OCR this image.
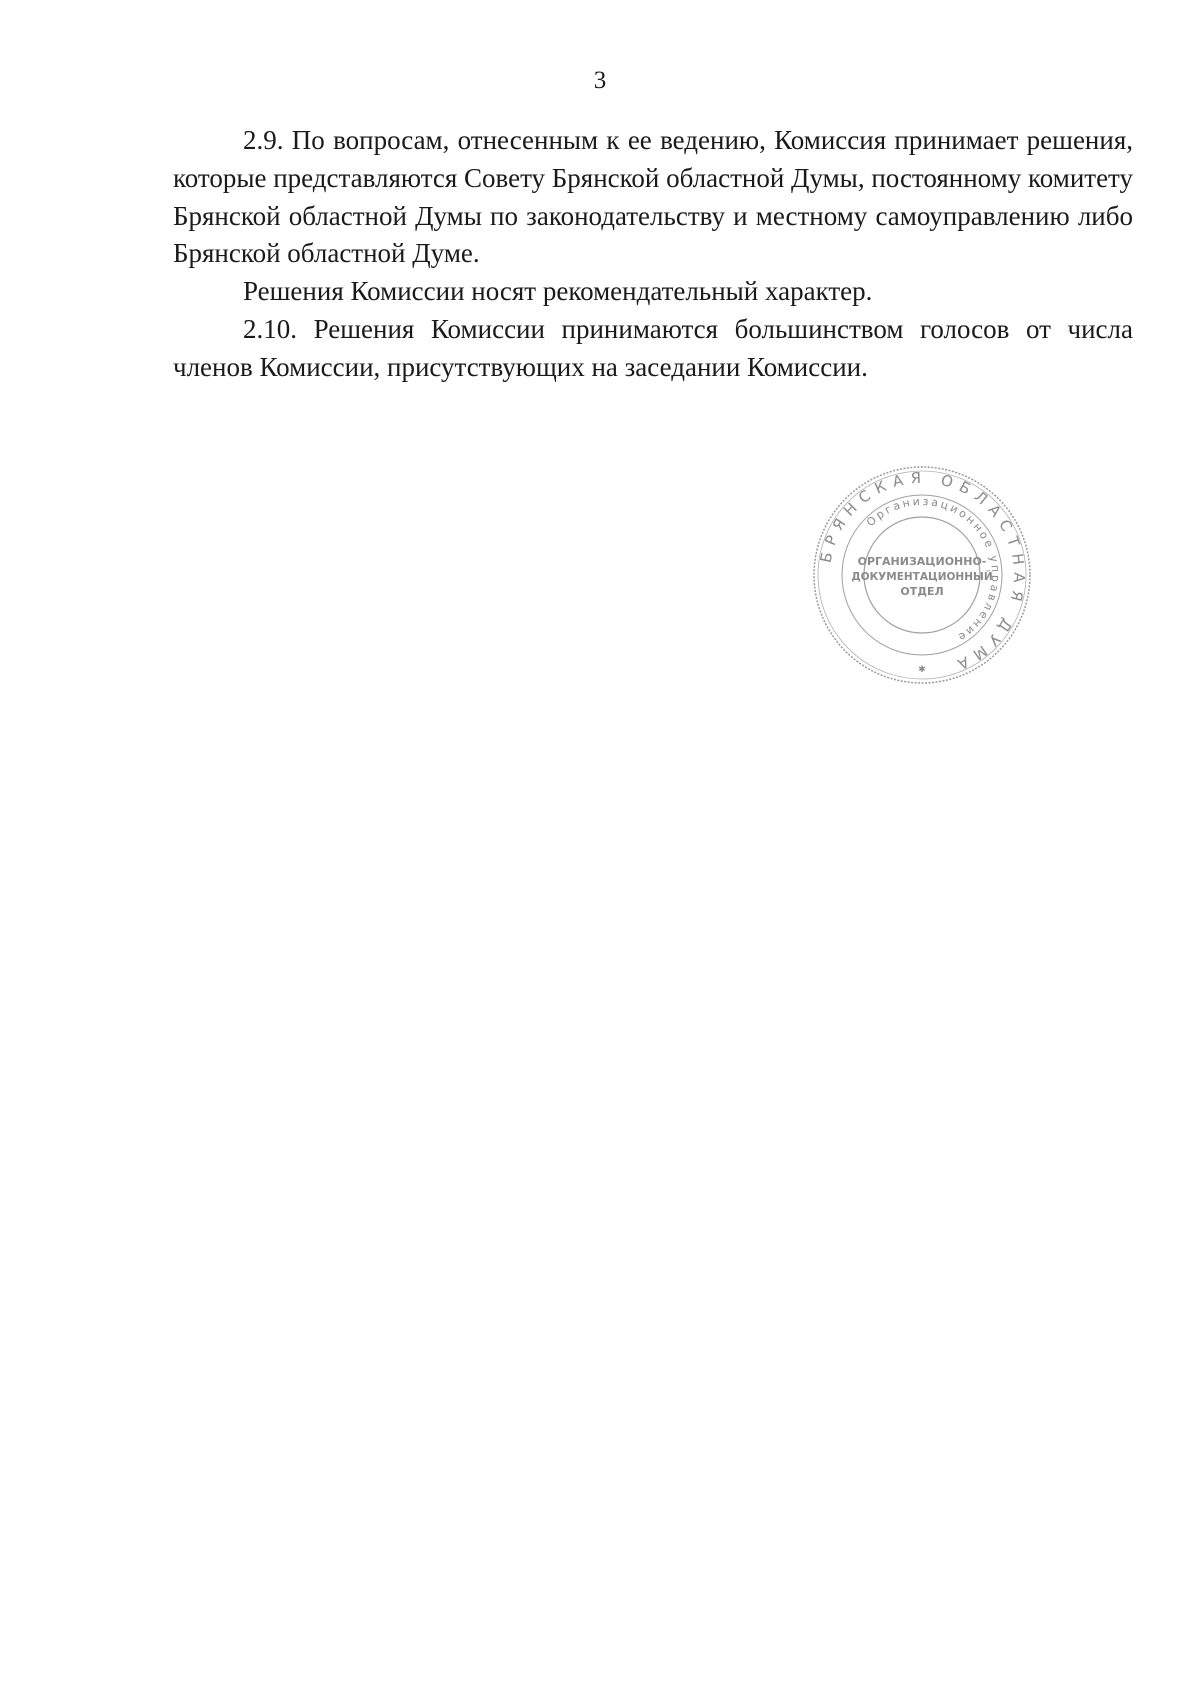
3

2.9. По вопросам, отнесенным к ее ведению, Комиссия принимает решения, которые представляются Совету Брянской областной Думы, постоянному комитету Брянской областной Думы по законодательству и местному самоуправлению либо Брянской областной Думе.

Решения Комиссии носят рекомендательный характер.

2.10. Решения Комиссии принимаются большинством голосов от числа членов Комиссии, присутствующих на заседании Комиссии.

БРЯНСКАЯ ОБЛАСТНАЯ ДУМА
Организационное управление
ОРГАНИЗАЦИОННО-
ДОКУМЕНТАЦИОННЫЙ
ОТДЕЛ
✱
